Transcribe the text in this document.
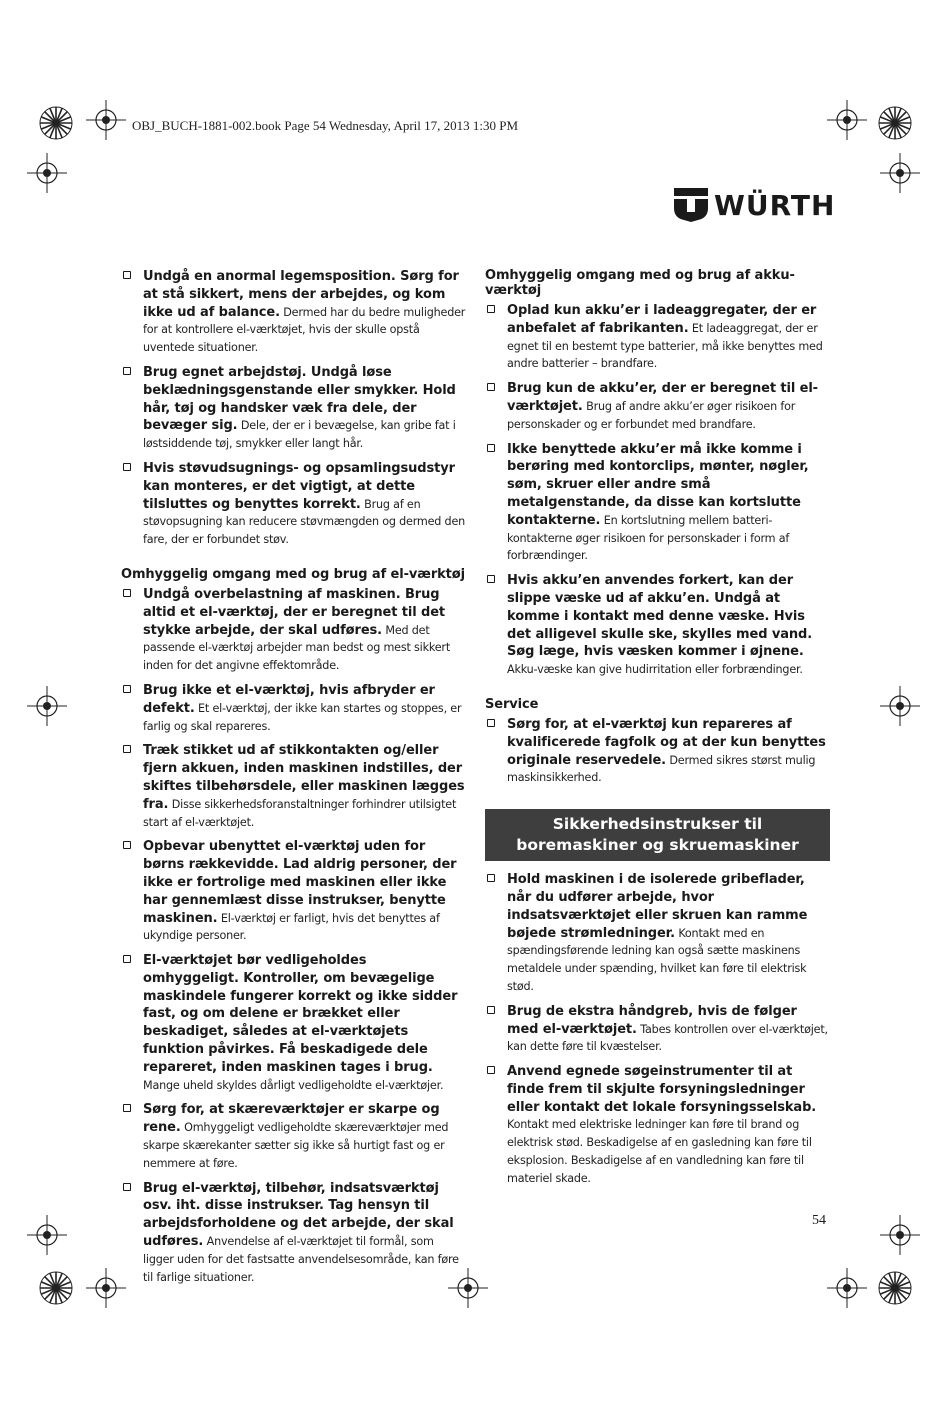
OBJ_BUCH-1881-002.book Page 54 Wednesday, April 17, 2013 1:30 PM
WÜRTH
Undgå en anormal legemsposition. Sørg for at stå sikkert, mens der arbejdes, og kom ikke ud af balance. Dermed har du bedre muligheder for at kontrollere el-værktøjet, hvis der skulle opstå uventede situationer.
Brug egnet arbejdstøj. Undgå løse beklædningsgenstande eller smykker. Hold hår, tøj og handsker væk fra dele, der bevæger sig. Dele, der er i bevægelse, kan gribe fat i løstsiddende tøj, smykker eller langt hår.
Hvis støvudsugnings- og opsamlingsudstyr kan monteres, er det vigtigt, at dette tilsluttes og benyttes korrekt. Brug af en støvopsugning kan reducere støvmængden og dermed den fare, der er forbundet støv.
Omhyggelig omgang med og brug af el-værktøj
Undgå overbelastning af maskinen. Brug altid et el-værktøj, der er beregnet til det stykke arbejde, der skal udføres. Med det passende el-værktøj arbejder man bedst og mest sikkert inden for det angivne effektområde.
Brug ikke et el-værktøj, hvis afbryder er defekt. Et el-værktøj, der ikke kan startes og stoppes, er farlig og skal repareres.
Træk stikket ud af stikkontakten og/eller fjern akkuen, inden maskinen indstilles, der skiftes tilbehørsdele, eller maskinen lægges fra. Disse sikkerhedsforanstaltninger forhindrer utilsigtet start af el-værktøjet.
Opbevar ubenyttet el-værktøj uden for børns rækkevidde. Lad aldrig personer, der ikke er fortrolige med maskinen eller ikke har gennemlæst disse instrukser, benytte maskinen. El-værktøj er farligt, hvis det benyttes af ukyndige personer.
El-værktøjet bør vedligeholdes omhyggeligt. Kontroller, om bevægelige maskindele fungerer korrekt og ikke sidder fast, og om delene er brækket eller beskadiget, således at el-værktøjets funktion påvirkes. Få beskadigede dele repareret, inden maskinen tages i brug. Mange uheld skyldes dårligt vedligeholdte el-værktøjer.
Sørg for, at skæreværktøjer er skarpe og rene. Omhyggeligt vedligeholdte skæreværktøjer med skarpe skærekanter sætter sig ikke så hurtigt fast og er nemmere at føre.
Brug el-værktøj, tilbehør, indsatsværktøj osv. iht. disse instrukser. Tag hensyn til arbejdsforholdene og det arbejde, der skal udføres. Anvendelse af el-værktøjet til formål, som ligger uden for det fastsatte anvendelsesområde, kan føre til farlige situationer.
Omhyggelig omgang med og brug af akku-værktøj
Oplad kun akku’er i ladeaggregater, der er anbefalet af fabrikanten. Et ladeaggregat, der er egnet til en bestemt type batterier, må ikke benyttes med andre batterier – brandfare.
Brug kun de akku’er, der er beregnet til el-værktøjet. Brug af andre akku’er øger risikoen for personskader og er forbundet med brandfare.
Ikke benyttede akku’er må ikke komme i berøring med kontorclips, mønter, nøgler, søm, skruer eller andre små metalgenstande, da disse kan kortslutte kontakterne. En kortslutning mellem batteri-kontakterne øger risikoen for personskader i form af forbrændinger.
Hvis akku’en anvendes forkert, kan der slippe væske ud af akku’en. Undgå at komme i kontakt med denne væske. Hvis det alligevel skulle ske, skylles med vand. Søg læge, hvis væsken kommer i øjnene. Akku-væske kan give hudirritation eller forbrændinger.
Service
Sørg for, at el-værktøj kun repareres af kvalificerede fagfolk og at der kun benyttes originale reservedele. Dermed sikres størst mulig maskinsikkerhed.
Sikkerhedsinstrukser til boremaskiner og skruemaskiner
Hold maskinen i de isolerede gribeflader, når du udfører arbejde, hvor indsatsværktøjet eller skruen kan ramme bøjede strømledninger. Kontakt med en spændingsførende ledning kan også sætte maskinens metaldele under spænding, hvilket kan føre til elektrisk stød.
Brug de ekstra håndgreb, hvis de følger med el-værktøjet. Tabes kontrollen over el-værktøjet, kan dette føre til kvæstelser.
Anvend egnede søgeinstrumenter til at finde frem til skjulte forsyningsledninger eller kontakt det lokale forsyningsselskab. Kontakt med elektriske ledninger kan føre til brand og elektrisk stød. Beskadigelse af en gasledning kan føre til eksplosion. Beskadigelse af en vandledning kan føre til materiel skade.
54
